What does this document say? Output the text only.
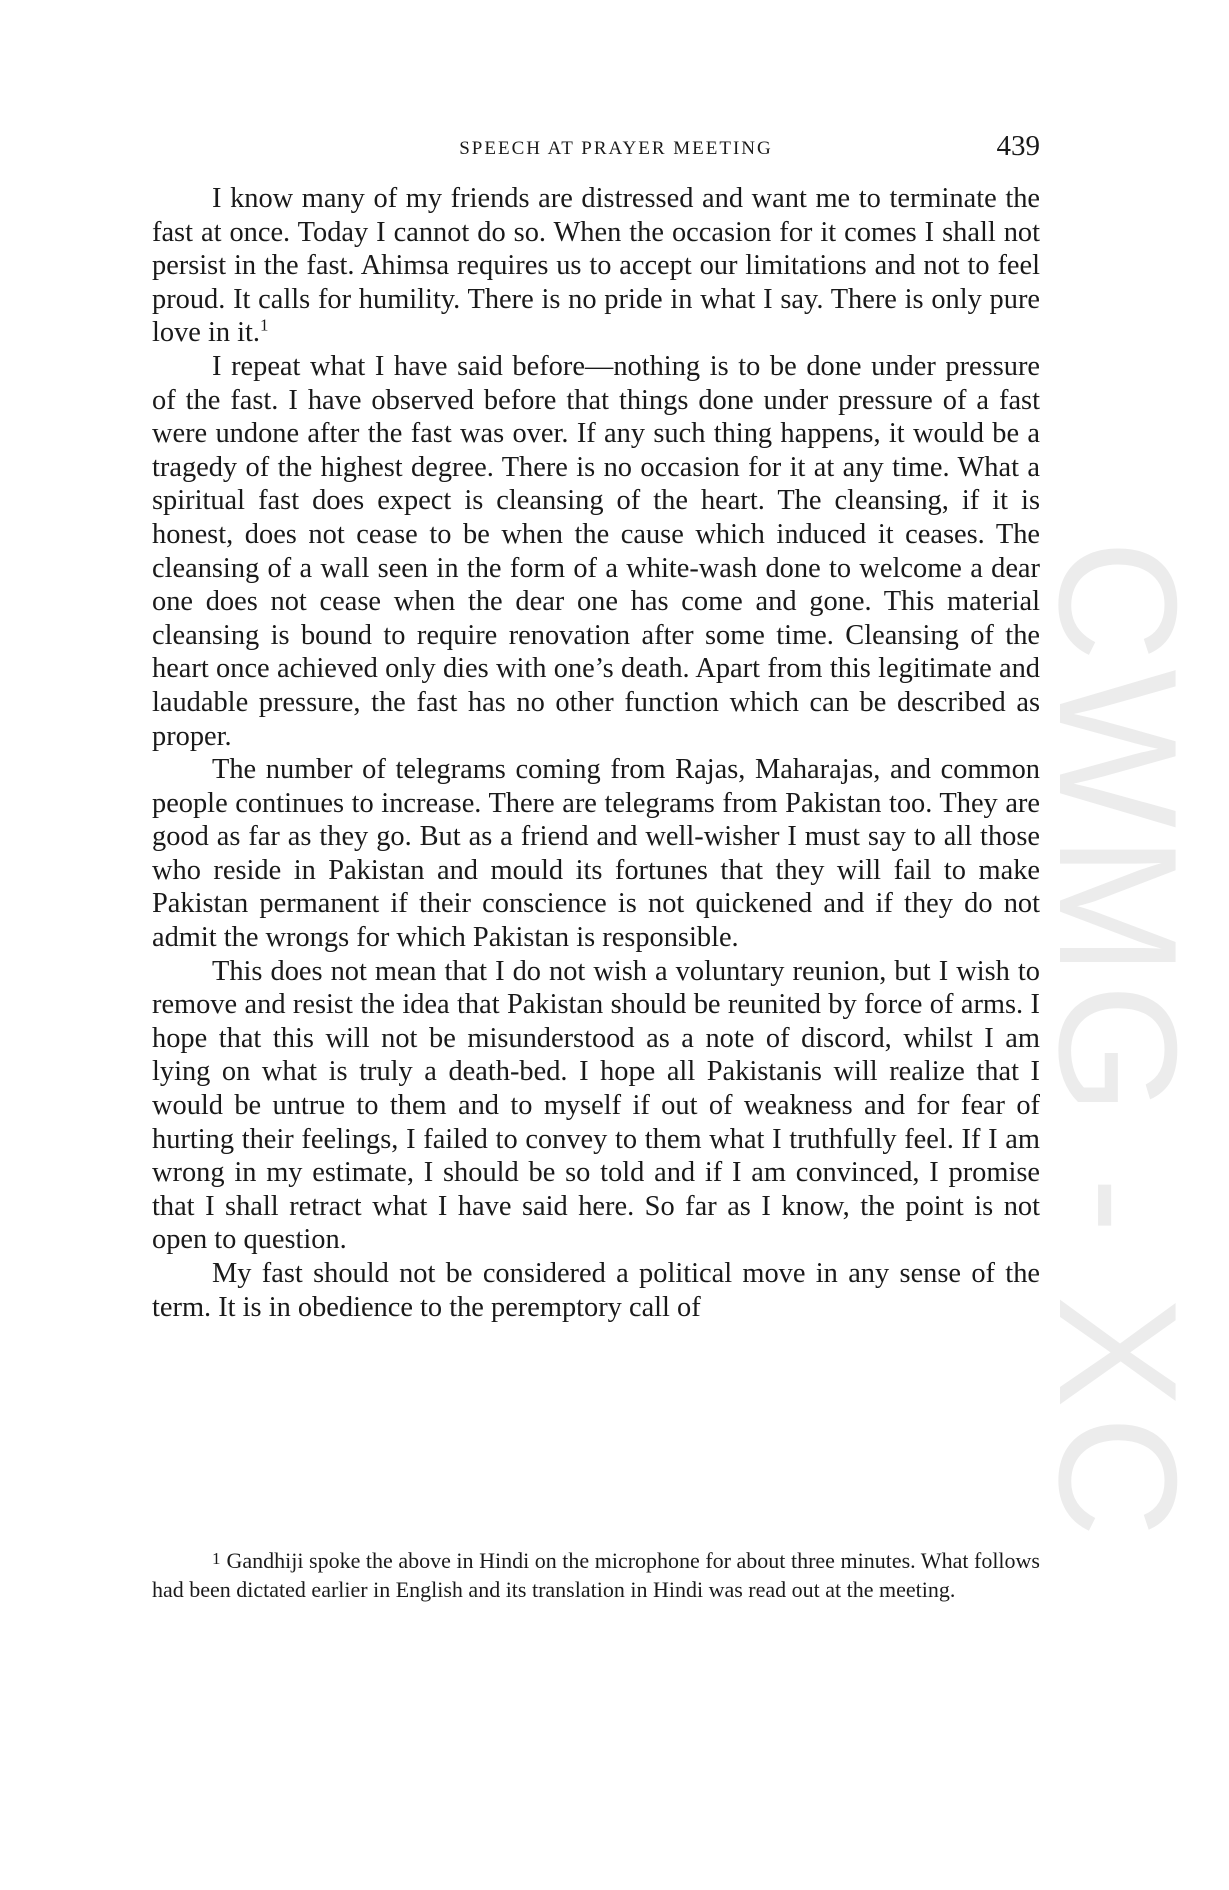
CWMG - XC
SPEECH AT PRAYER MEETING	439

I know many of my friends are distressed and want me to terminate the fast at once. Today I cannot do so. When the occasion for it comes I shall not persist in the fast. Ahimsa requires us to accept our limitations and not to feel proud. It calls for humility. There is no pride in what I say. There is only pure love in it.$^1$

I repeat what I have said before—nothing is to be done under pressure of the fast. I have observed before that things done under pressure of a fast were undone after the fast was over. If any such thing happens, it would be a tragedy of the highest degree. There is no occasion for it at any time. What a spiritual fast does expect is cleansing of the heart. The cleansing, if it is honest, does not cease to be when the cause which induced it ceases. The cleansing of a wall seen in the form of a white-wash done to welcome a dear one does not cease when the dear one has come and gone. This material cleansing is bound to require renovation after some time. Cleansing of the heart once achieved only dies with one’s death. Apart from this legitimate and laudable pressure, the fast has no other function which can be described as proper.

The number of telegrams coming from Rajas, Maharajas, and common people continues to increase. There are telegrams from Pakistan too. They are good as far as they go. But as a friend and well-wisher I must say to all those who reside in Pakistan and mould its fortunes that they will fail to make Pakistan permanent if their conscience is not quickened and if they do not admit the wrongs for which Pakistan is responsible.

This does not mean that I do not wish a voluntary reunion, but I wish to remove and resist the idea that Pakistan should be reunited by force of arms. I hope that this will not be misunderstood as a note of discord, whilst I am lying on what is truly a death-bed. I hope all Pakistanis will realize that I would be untrue to them and to myself if out of weakness and for fear of hurting their feelings, I failed to convey to them what I truthfully feel. If I am wrong in my estimate, I should be so told and if I am convinced, I promise that I shall retract what I have said here. So far as I know, the point is not open to question.

My fast should not be considered a political move in any sense of the term. It is in obedience to the peremptory call of

$^1$ Gandhiji spoke the above in Hindi on the microphone for about three minutes. What follows had been dictated earlier in English and its translation in Hindi was read out at the meeting.
